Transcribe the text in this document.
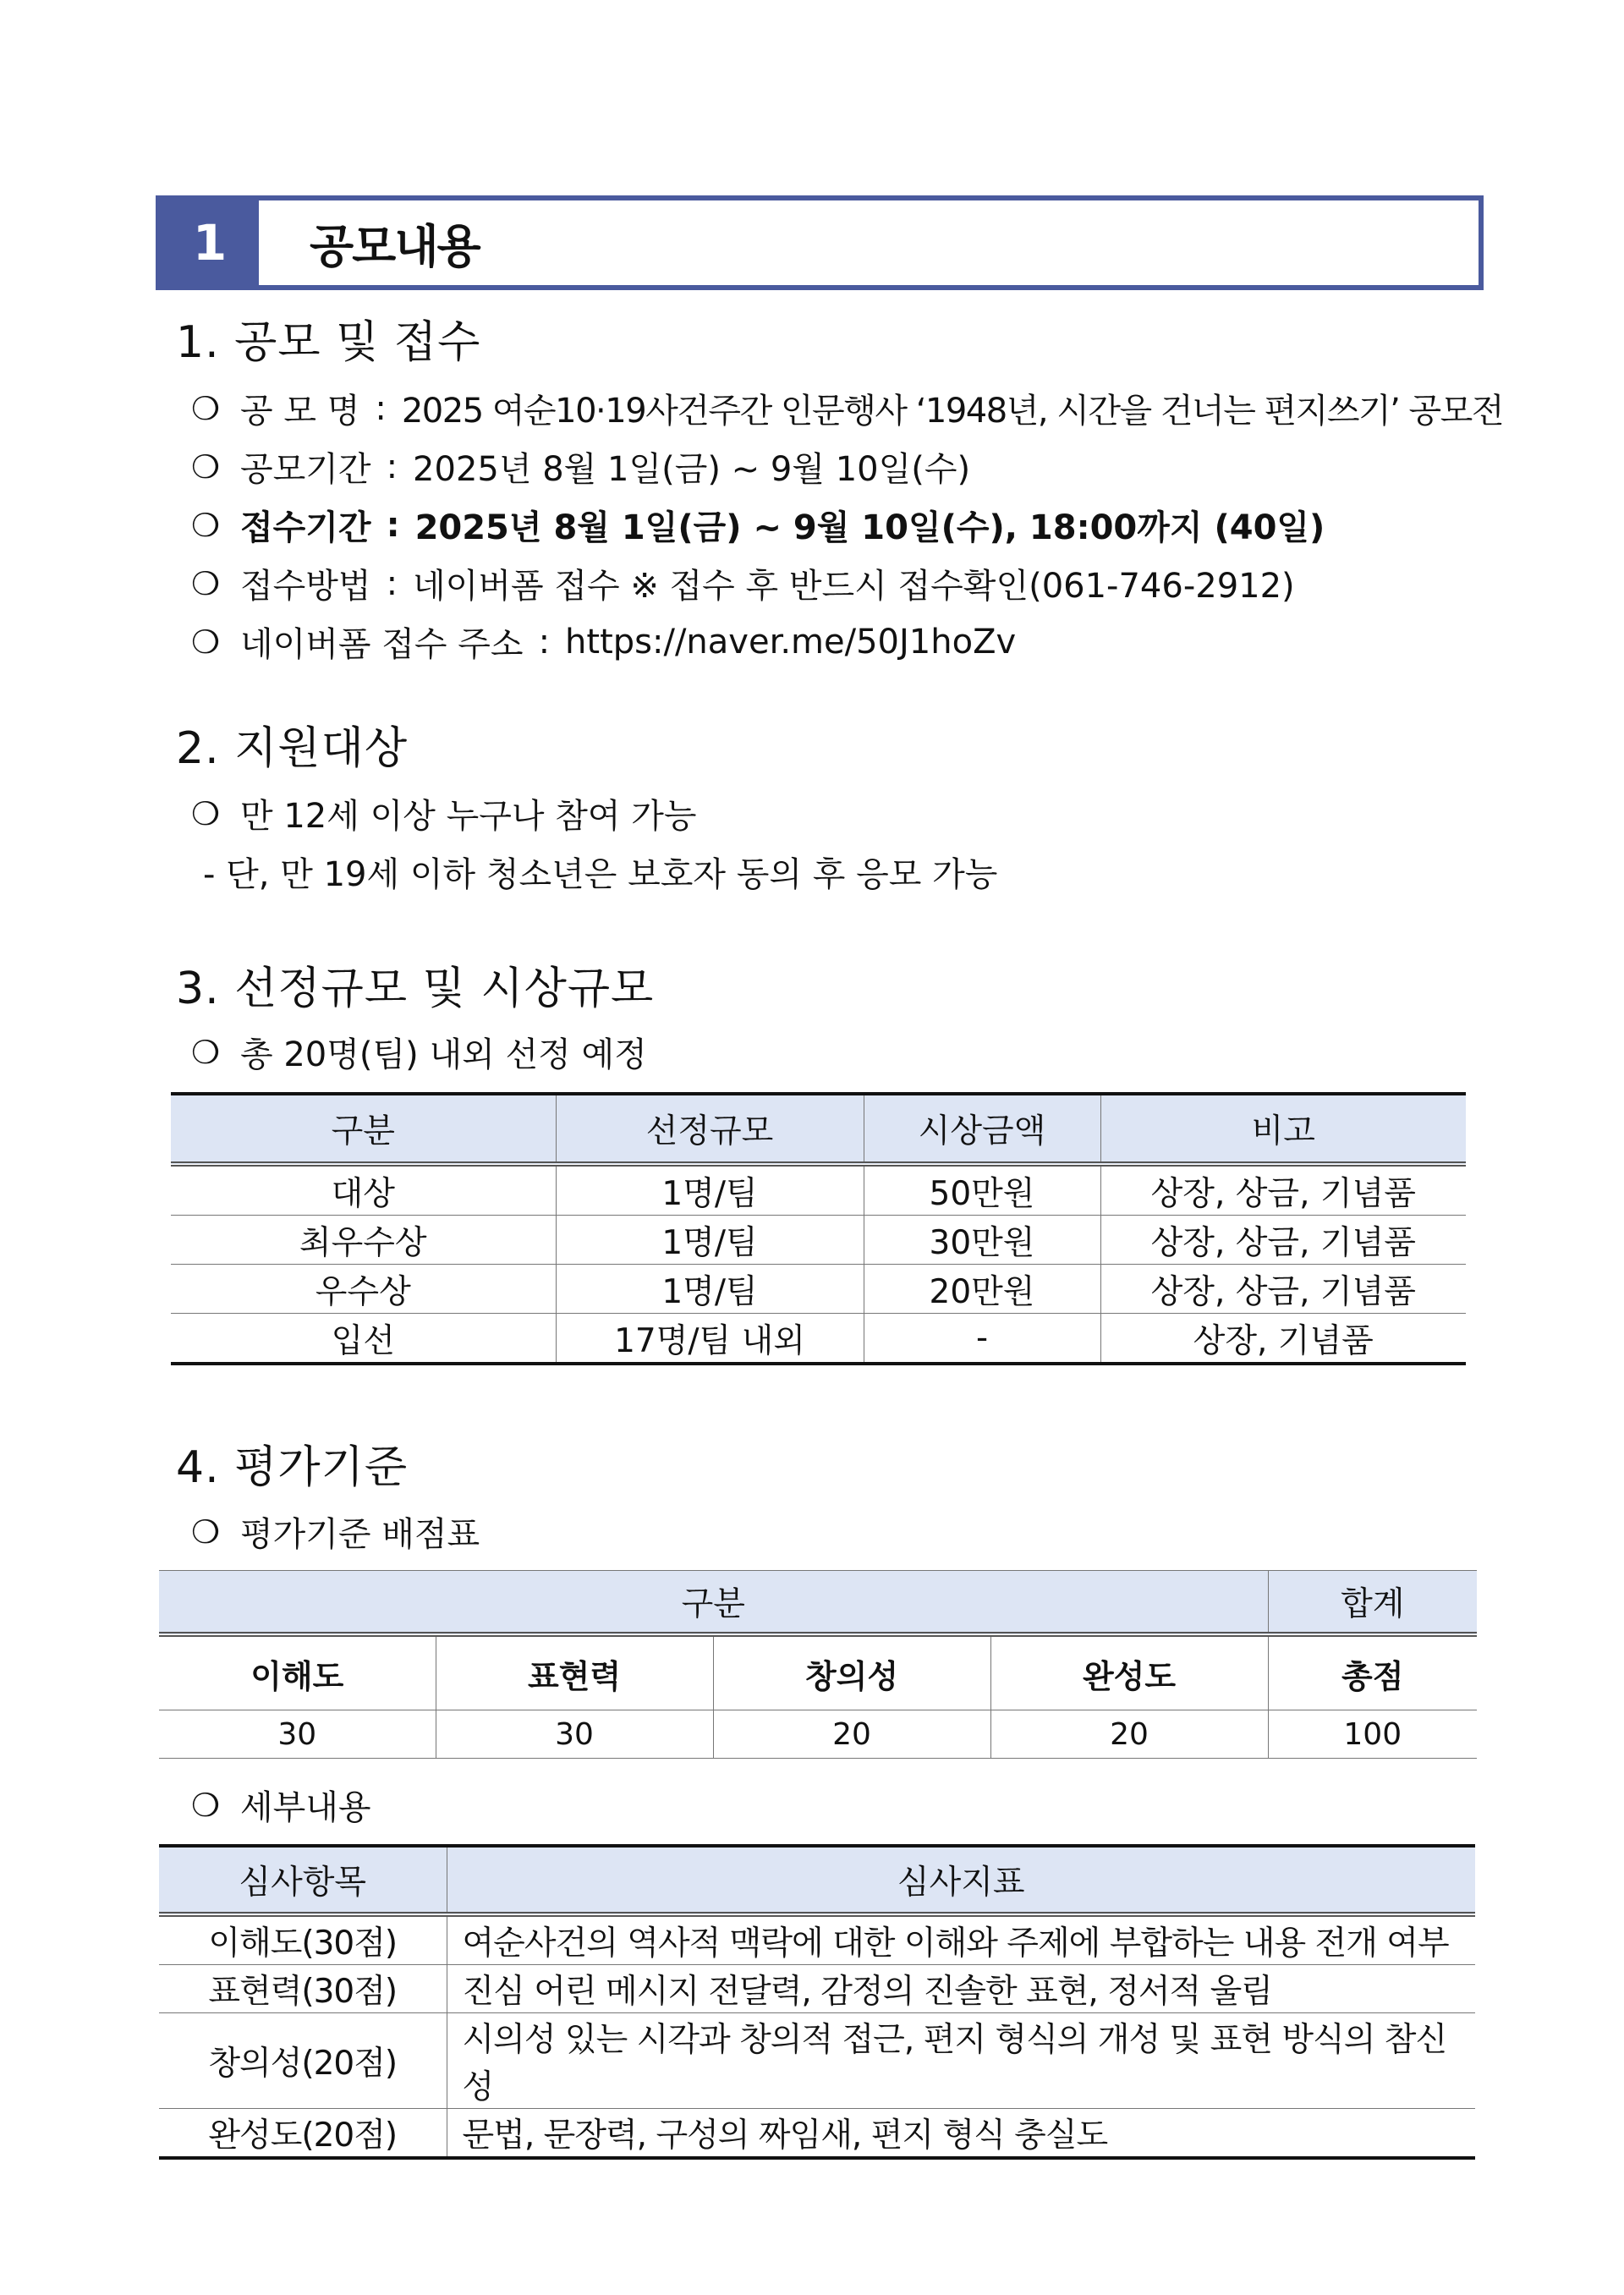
1	공모내용
1. 공모 및 접수
❍ 공 모 명 : 2025 여순10·19사건주간 인문행사 ‘1948년, 시간을 건너는 편지쓰기’ 공모전
❍ 공모기간 : 2025년 8월 1일(금) ~ 9월 10일(수)
❍ 접수기간 : 2025년 8월 1일(금) ~ 9월 10일(수), 18:00까지 (40일)
❍ 접수방법 : 네이버폼 접수 ※ 접수 후 반드시 접수확인(061-746-2912)
❍ 네이버폼 접수 주소 : https://naver.me/50J1hoZv
2. 지원대상
❍ 만 12세 이상 누구나 참여 가능
- 단, 만 19세 이하 청소년은 보호자 동의 후 응모 가능
3. 선정규모 및 시상규모
❍ 총 20명(팀) 내외 선정 예정
구분	선정규모	시상금액	비고
대상	1명/팀	50만원	상장, 상금, 기념품
최우수상	1명/팀	30만원	상장, 상금, 기념품
우수상	1명/팀	20만원	상장, 상금, 기념품
입선	17명/팀 내외	-	상장, 기념품
4. 평가기준
❍ 평가기준 배점표
구분				합계
이해도	표현력	창의성	완성도	총점
30	30	20	20	100
❍ 세부내용
심사항목	심사지표
이해도(30점)	여순사건의 역사적 맥락에 대한 이해와 주제에 부합하는 내용 전개 여부
표현력(30점)	진심 어린 메시지 전달력, 감정의 진솔한 표현, 정서적 울림
창의성(20점)	시의성 있는 시각과 창의적 접근, 편지 형식의 개성 및 표현 방식의 참신성
완성도(20점)	문법, 문장력, 구성의 짜임새, 편지 형식 충실도
